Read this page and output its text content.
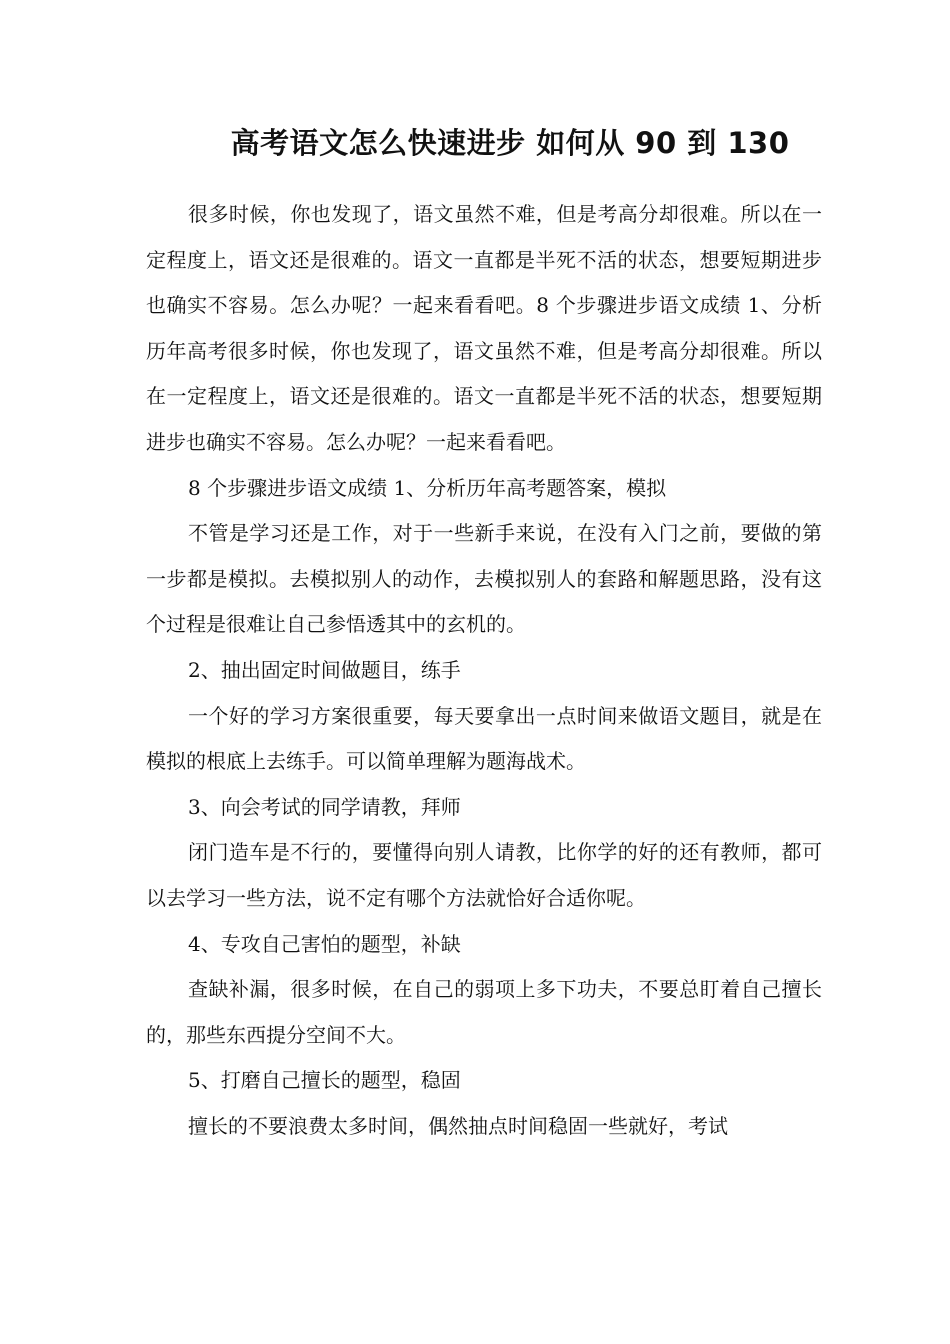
高考语文怎么快速进步 如何从 90 到 130

很多时候，你也发现了，语文虽然不难，但是考高分却很难。所以在一定程度上，语文还是很难的。语文一直都是半死不活的状态，想要短期进步也确实不容易。怎么办呢？一起来看看吧。8 个步骤进步语文成绩 1、分析历年高考很多时候，你也发现了，语文虽然不难，但是考高分却很难。所以在一定程度上，语文还是很难的。语文一直都是半死不活的状态，想要短期进步也确实不容易。怎么办呢？一起来看看吧。

8 个步骤进步语文成绩 1、分析历年高考题答案，模拟

不管是学习还是工作，对于一些新手来说，在没有入门之前，要做的第一步都是模拟。去模拟别人的动作，去模拟别人的套路和解题思路，没有这个过程是很难让自己参悟透其中的玄机的。

2、抽出固定时间做题目，练手

一个好的学习方案很重要，每天要拿出一点时间来做语文题目，就是在模拟的根底上去练手。可以简单理解为题海战术。

3、向会考试的同学请教，拜师

闭门造车是不行的，要懂得向别人请教，比你学的好的还有教师，都可以去学习一些方法，说不定有哪个方法就恰好合适你呢。

4、专攻自己害怕的题型，补缺

查缺补漏，很多时候，在自己的弱项上多下功夫，不要总盯着自己擅长的，那些东西提分空间不大。

5、打磨自己擅长的题型，稳固

擅长的不要浪费太多时间，偶然抽点时间稳固一些就好，考试
